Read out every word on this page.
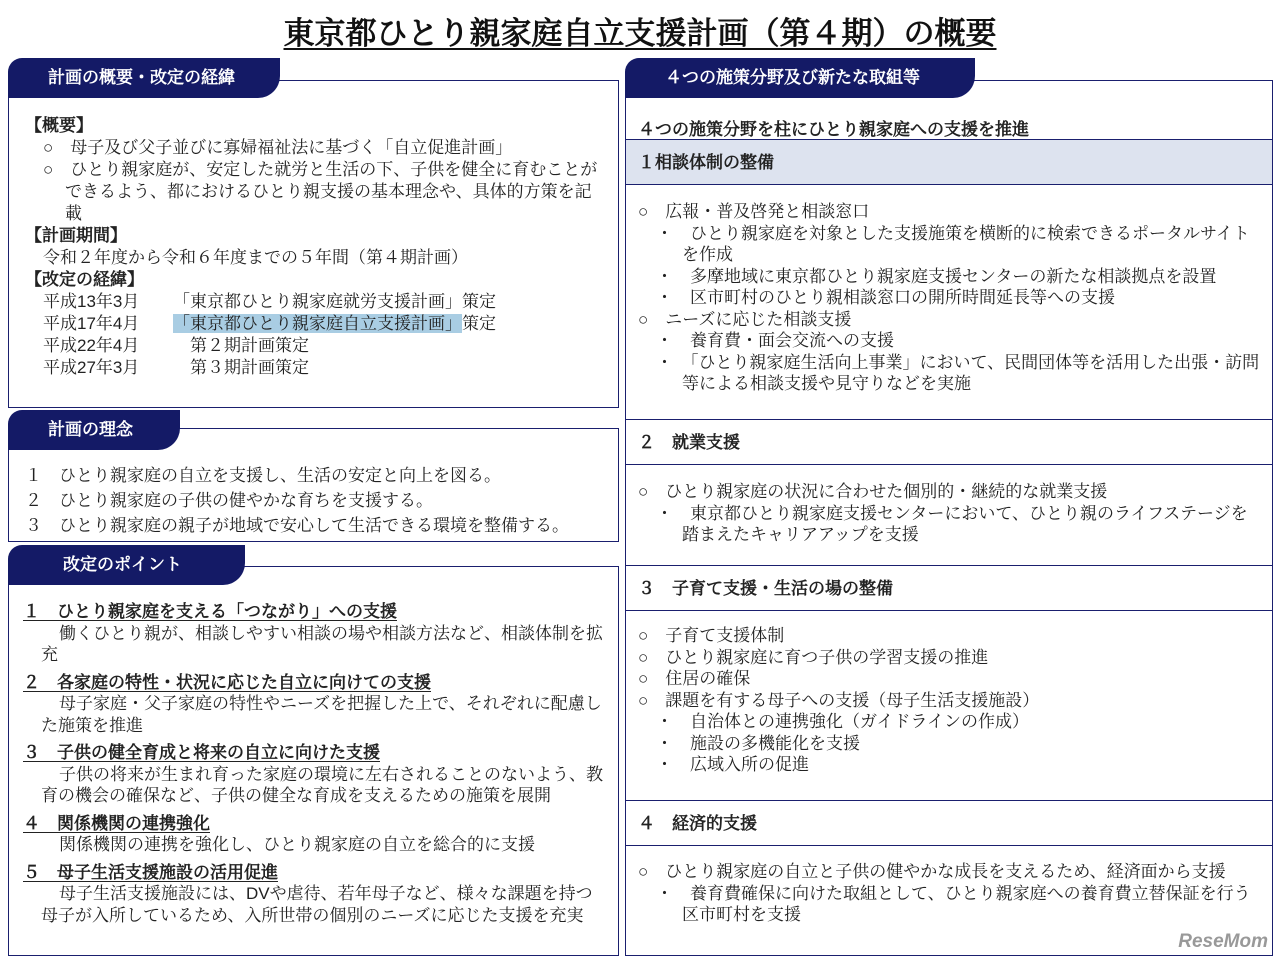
東京都ひとり親家庭自立支援計画（第４期）の概要
【概要】
○　母子及び父子並びに寡婦福祉法に基づく「自立促進計画」
○　ひとり親家庭が、安定した就労と生活の下、子供を健全に育むことができるよう、都におけるひとり親支援の基本理念や、具体的方策を記載
【計画期間】
令和２年度から令和６年度までの５年間（第４期計画）
【改定の経緯】
平成13年3月 「東京都ひとり親家庭就労支援計画」策定
平成17年4月 「東京都ひとり親家庭自立支援計画」策定
平成22年4月　第２期計画策定
平成27年3月　第３期計画策定
計画の概要・改定の経緯
１　ひとり親家庭の自立を支援し、生活の安定と向上を図る。
２　ひとり親家庭の子供の健やかな育ちを支援する。
３　ひとり親家庭の親子が地域で安心して生活できる環境を整備する。
計画の理念
１　ひとり親家庭を支える「つながり」への支援
働くひとり親が、相談しやすい相談の場や相談方法など、相談体制を拡充
２　各家庭の特性・状況に応じた自立に向けての支援
母子家庭・父子家庭の特性やニーズを把握した上で、それぞれに配慮した施策を推進
３　子供の健全育成と将来の自立に向けた支援
子供の将来が生まれ育った家庭の環境に左右されることのないよう、教育の機会の確保など、子供の健全な育成を支えるための施策を展開
４　関係機関の連携強化
関係機関の連携を強化し、ひとり親家庭の自立を総合的に支援
５　母子生活支援施設の活用促進
母子生活支援施設には、DVや虐待、若年母子など、様々な課題を持つ母子が入所しているため、入所世帯の個別のニーズに応じた支援を充実
改定のポイント
４つの施策分野を柱にひとり親家庭への支援を推進
１相談体制の整備
○　広報・普及啓発と相談窓口
・　ひとり親家庭を対象とした支援施策を横断的に検索できるポータルサイトを作成
・　多摩地域に東京都ひとり親家庭支援センターの新たな相談拠点を設置
・　区市町村のひとり親相談窓口の開所時間延長等への支援
○　ニーズに応じた相談支援
・　養育費・面会交流への支援
・　「ひとり親家庭生活向上事業」において、民間団体等を活用した出張・訪問等による相談支援や見守りなどを実施
２　就業支援
○　ひとり親家庭の状況に合わせた個別的・継続的な就業支援
・　東京都ひとり親家庭支援センターにおいて、ひとり親のライフステージを踏まえたキャリアアップを支援
３　子育て支援・生活の場の整備
○　子育て支援体制
○　ひとり親家庭に育つ子供の学習支援の推進
○　住居の確保
○　課題を有する母子への支援（母子生活支援施設）
・　自治体との連携強化（ガイドラインの作成）
・　施設の多機能化を支援
・　広域入所の促進
４　経済的支援
○　ひとり親家庭の自立と子供の健やかな成長を支えるため、経済面から支援
・　養育費確保に向けた取組として、ひとり親家庭への養育費立替保証を行う区市町村を支援
４つの施策分野及び新たな取組等
ReseMom
